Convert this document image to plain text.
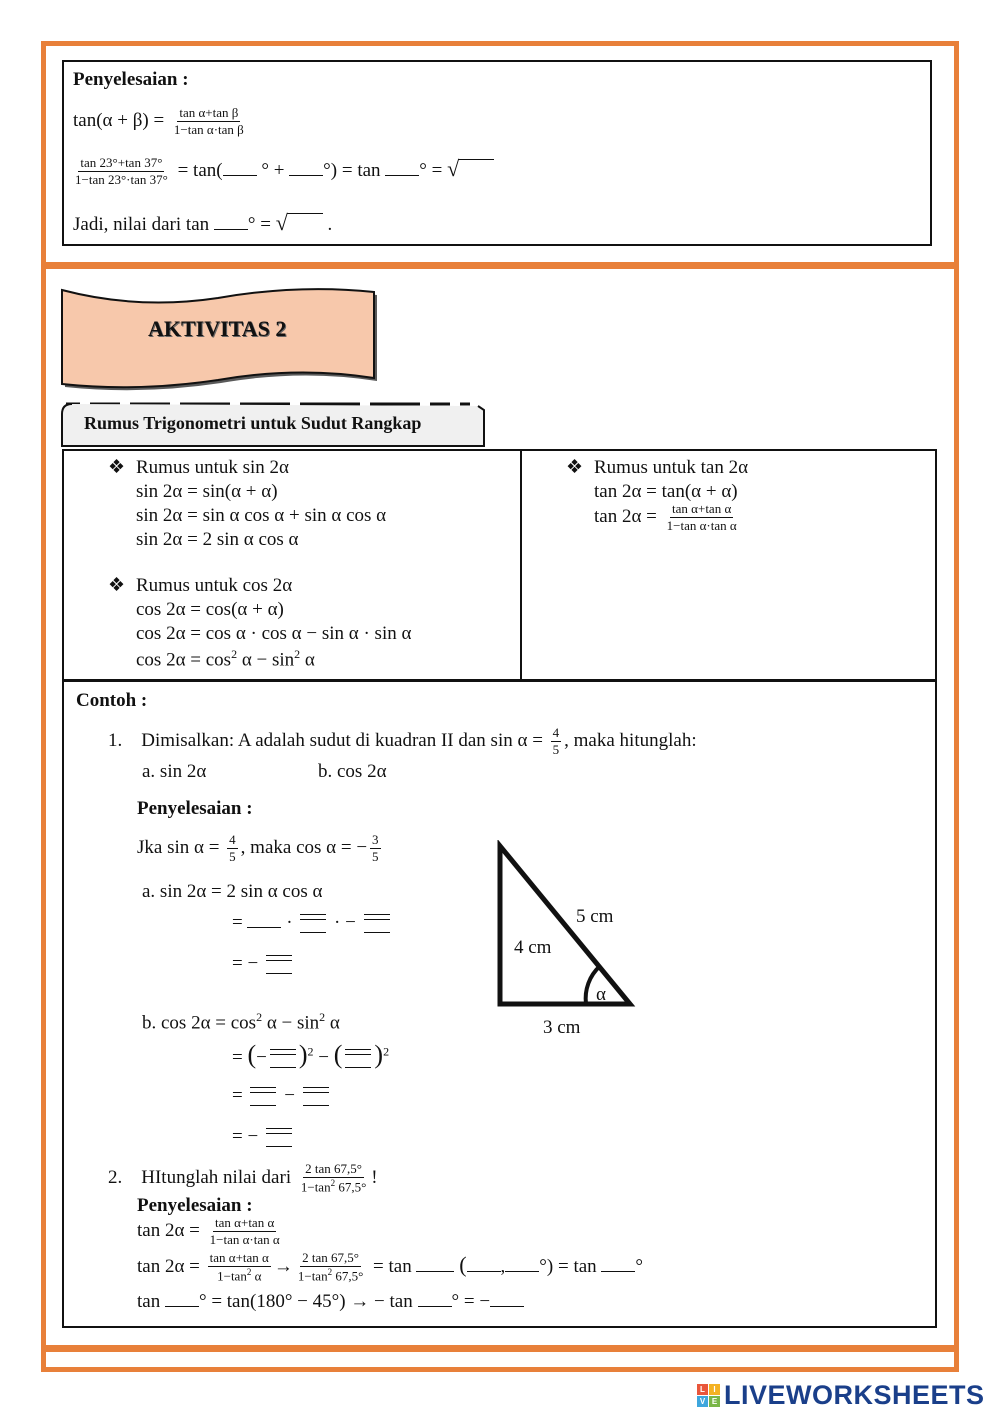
Penyelesaian :
$\tan(\alpha + \beta) = \frac{\text{tan α+tan β}}{\text{1−tan α·tan β}}$
$\frac{\tan 23^\circ+\tan 37^\circ}{1-\tan 23^\circ\cdot\tan 37^\circ} = \tan$( ° + °) = tan ° = √
Jadi, nilai dari tan ° = √ .
AKTIVITAS 2
Rumus Trigonometri untuk Sudut Rangkap
❖ Rumus untuk sin 2α
sin 2α = sin(α + α)
sin 2α = sin α cos α + sin α cos α
sin 2α = 2 sin α cos α
❖ Rumus untuk cos 2α
cos 2α = cos(α + α)
cos 2α = cos α · cos α − sin α · sin α
$\cos 2\alpha = \cos^2 \alpha - \sin^2 \alpha$
❖ Rumus untuk tan 2α
tan 2α = tan(α + α)
$\tan 2\alpha = \frac{\text{tan α+tan α}}{\text{1−tan α·tan α}}$
Contoh :
1. Dimisalkan: A adalah sudut di kuadran II dan $\sin \alpha = \frac{4}{5}$ , maka hitunglah:
a. sin 2α	b. cos 2α
Penyelesaian :
Jka $\sin \alpha = \frac{4}{5}$ , maka cos α = − $\frac{3}{5}$
a. sin 2α = 2 sin α cos α
= · · −
= −
b. $\cos 2\alpha = \cos^2 \alpha - \sin^2 \alpha$
= (− )$^2$ − ( )$^2$
= −
= −
5 cm
4 cm
α
3 cm
2. HItunglah nilai dari $\frac{2 \tan 67,5^\circ}{1-\tan^2 67,5^\circ}$ !
Penyelesaian :
$\tan 2\alpha = \frac{\text{tan α+tan α}}{\text{1−tan α·tan α}}$
$\tan 2\alpha = \frac{\text{tan α+tan α}}{1-\tan^2 \alpha} \to \frac{2 \tan 67,5^\circ}{1-\tan^2 67,5^\circ} = \tan$ ( , °) = tan °
tan ° = tan(180° − 45°) → − tan ° = −
L	I
V E LIVEWORKSHEETS
